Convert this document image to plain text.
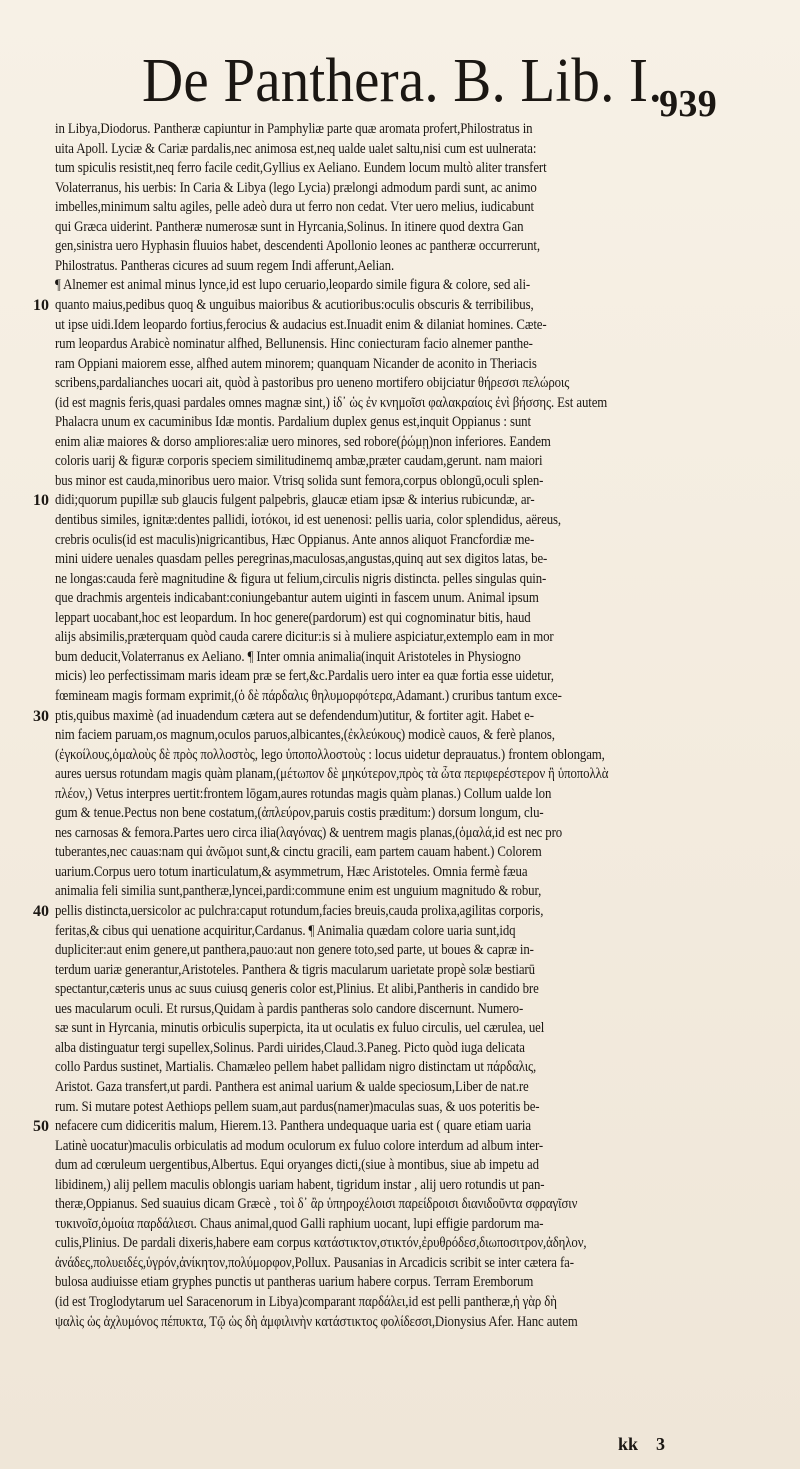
De Panthera. B. Lib. I.
939
in Libya,Diodorus. Pantheræ capiuntur in Pamphyliæ parte quæ aromata profert,Philostratus in
uita Apoll. Lyciæ & Cariæ pardalis,nec animosa est,neq ualde ualet saltu,nisi cum est uulnerata:
tum spiculis resistit,neq ferro facile cedit,Gyllius ex Aeliano. Eundem locum multò aliter transfert
Volaterranus, his uerbis: In Caria & Libya (lego Lycia) prælongi admodum pardi sunt, ac animo
imbelles,minimum saltu agiles, pelle adeò dura ut ferro non cedat. Vter uero melius, iudicabunt
qui Græca uiderint. Pantheræ numerosæ sunt in Hyrcania,Solinus. In itinere quod dextra Gan
gen,sinistra uero Hyphasin fluuios habet, descendenti Apollonio leones ac pantheræ occurrerunt,
Philostratus. Pantheras cicures ad suum regem Indi afferunt,Aelian.
¶ Alnemer est animal minus lynce,id est lupo ceruario,leopardo simile figura & colore, sed ali-
10 quanto maius,pedibus quoq & unguibus maioribus & acutioribus:oculis obscuris & terribilibus,
ut ipse uidi.Idem leopardo fortius,ferocius & audacius est.Inuadit enim & dilaniat homines. Cæte-
rum leopardus Arabicè nominatur alfhed, Bellunensis. Hinc coniecturam facio alnemer panthe-
ram Oppiani maiorem esse, alfhed autem minorem; quanquam Nicander de aconito in Theriacis
scribens,pardalianches uocari ait, quòd à pastoribus pro ueneno mortifero obijciatur θήρεσσι πελώροις
(id est magnis feris,quasi pardales omnes magnæ sint,) ἰδ᾽ ὡς ἐν κνημοῖσι φαλακραίοις ἐνὶ βήσσης. Est autem
Phalacra unum ex cacuminibus Idæ montis. Pardalium duplex genus est,inquit Oppianus : sunt
enim aliæ maiores & dorso ampliores:aliæ uero minores, sed robore(ῥώμῃ)non inferiores. Eandem
coloris uarij & figuræ corporis speciem similitudinemq ambæ,præter caudam,gerunt. nam maiori
bus minor est cauda,minoribus uero maior. Vtrisq solida sunt femora,corpus oblongū,oculi splen-
10 didi;quorum pupillæ sub glaucis fulgent palpebris, glaucæ etiam ipsæ & interius rubicundæ, ar-
dentibus similes, ignitæ:dentes pallidi, ἰοτόκοι, id est uenenosi: pellis uaria, color splendidus, aëreus,
crebris oculis(id est maculis)nigricantibus, Hæc Oppianus. Ante annos aliquot Francfordiæ me-
mini uidere uenales quasdam pelles peregrinas,maculosas,angustas,quinq aut sex digitos latas, be-
ne longas:cauda ferè magnitudine & figura ut felium,circulis nigris distincta. pelles singulas quin-
que drachmis argenteis indicabant:coniungebantur autem uiginti in fascem unum. Animal ipsum
leppart uocabant,hoc est leopardum. In hoc genere(pardorum) est qui cognominatur bitis, haud
alijs absimilis,præterquam quòd cauda carere dicitur:is si à muliere aspiciatur,extemplo eam in mor
bum deducit,Volaterranus ex Aeliano. ¶ Inter omnia animalia(inquit Aristoteles in Physiogno
micis) leo perfectissimam maris ideam præ se fert,&c.Pardalis uero inter ea quæ fortia esse uidetur,
fœmineam magis formam exprimit,(ὁ δὲ πάρδαλις θηλυμορφότερα,Adamant.) cruribus tantum exce-
30 ptis,quibus maximè (ad inuadendum cætera aut se defendendum)utitur, & fortiter agit. Habet e-
nim faciem paruam,os magnum,oculos paruos,albicantes,(ἐκλεύκους) modicè cauos, & ferè planos,
(ἐγκοίλους,ὁμαλοὺς δὲ πρὸς πολλοστὸς, lego ὑποπολλοστοὺς : locus uidetur deprauatus.) frontem oblongam,
aures uersus rotundam magis quàm planam,(μέτωπον δὲ μηκύτερον,πρὸς τὰ ὦτα περιφερέστερον ἢ ὑποπολλὰ
πλέον,) Vetus interpres uertit:frontem lōgam,aures rotundas magis quàm planas.) Collum ualde lon
gum & tenue.Pectus non bene costatum,(ἀπλεύρον,paruis costis præditum:) dorsum longum, clu-
nes carnosas & femora.Partes uero circa ilia(λαγόνας) & uentrem magis planas,(ὁμαλά,id est nec pro
tuberantes,nec cauas:nam qui ἀνῶμοι sunt,& cinctu gracili, eam partem cauam habent.) Colorem
uarium.Corpus uero totum inarticulatum,& asymmetrum, Hæc Aristoteles. Omnia fermè fæua
animalia feli similia sunt,pantheræ,lyncei,pardi:commune enim est unguium magnitudo & robur,
40 pellis distincta,uersicolor ac pulchra:caput rotundum,facies breuis,cauda prolixa,agilitas corporis,
feritas,& cibus qui uenatione acquiritur,Cardanus. ¶ Animalia quædam colore uaria sunt,idq
dupliciter:aut enim genere,ut panthera,pauo:aut non genere toto,sed parte, ut boues & capræ in-
terdum uariæ generantur,Aristoteles. Panthera & tigris macularum uarietate propè solæ bestiarū
spectantur,cæteris unus ac suus cuiusq generis color est,Plinius. Et alibi,Pantheris in candido bre
ues macularum oculi. Et rursus,Quidam à pardis pantheras solo candore discernunt. Numero-
sæ sunt in Hyrcania, minutis orbiculis superpicta, ita ut oculatis ex fuluo circulis, uel cærulea, uel
alba distinguatur tergi supellex,Solinus. Pardi uirides,Claud.3.Paneg. Picto quòd iuga delicata
collo Pardus sustinet, Martialis. Chamæleo pellem habet pallidam nigro distinctam ut πάρδαλις,
Aristot. Gaza transfert,ut pardi. Panthera est animal uarium & ualde speciosum,Liber de nat.re
rum. Si mutare potest Aethiops pellem suam,aut pardus(namer)maculas suas, & uos poteritis be-
50 nefacere cum didiceritis malum, Hierem.13. Panthera undequaque uaria est ( quare etiam uaria
Latinè uocatur)maculis orbiculatis ad modum oculorum ex fuluo colore interdum ad album inter-
dum ad cœruleum uergentibus,Albertus. Equi oryanges dicti,(siue à montibus, siue ab impetu ad
libidinem,) alij pellem maculis oblongis uariam habent, tigridum instar , alij uero rotundis ut pan-
theræ,Oppianus. Sed suauius dicam Græcè , τοὶ δ᾽ ἂρ ὑπηροχέλοισι παρείδροισι διανιδοῦντα σφραγῖσιν
τυκινοῖσ,ὁμοίια παρδάλιεσι. Chaus animal,quod Galli raphium uocant, lupi effigie pardorum ma-
culis,Plinius. De pardali dixeris,habere eam corpus κατάστικτον,στικτόν,ἐρυθρόδεσ,διωποσιτρον,ἀδηλον,
ἀνάδες,πολυειδές,ὑγρόν,ἀνίκητον,πολύμορφον,Pollux. Pausanias in Arcadicis scribit se inter cætera fa-
bulosa audiuisse etiam gryphes punctis ut pantheras uarium habere corpus. Terram Eremborum
(id est Troglodytarum uel Saracenorum in Libya)comparant παρδάλει,id est pelli pantheræ,ἡ γὰρ δὴ
ψαλὶς ὡς ἀχλυμόνος πέπυκτα, Τῷ ὡς δὴ ἁμφιλινὴν κατάστικτος φολίδεσσι,Dionysius Afer. Hanc autem
kk 3
